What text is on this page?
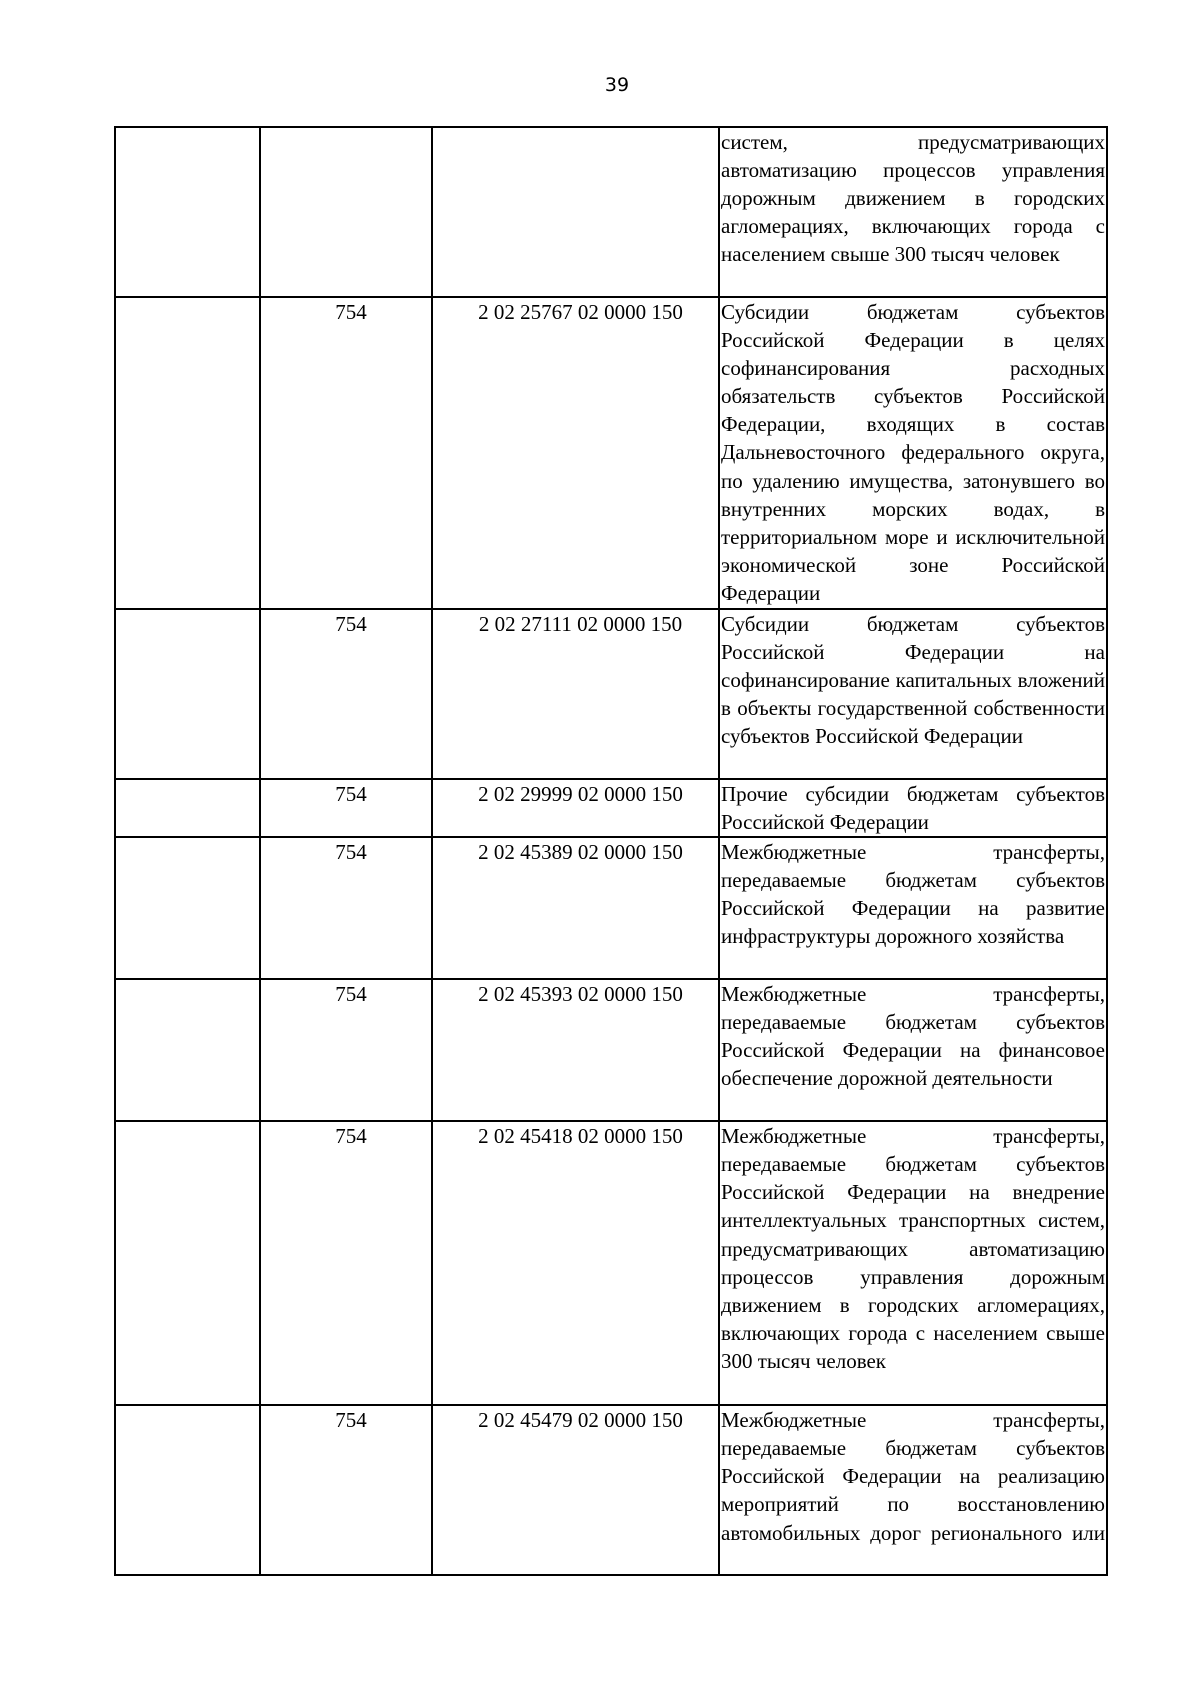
39
			систем, предусматривающих автоматизацию процессов управления дорожным движением в городских агломерациях, включающих города с населением свыше 300 тысяч человек
	754	2 02 25767 02 0000 150	Субсидии бюджетам субъектов Российской Федерации в целях софинансирования расходных обязательств субъектов Российской Федерации, входящих в состав Дальневосточного федерального округа, по удалению имущества, затонувшего во внутренних морских водах, в территориальном море и исключительной экономической зоне Российской Федерации
	754	2 02 27111 02 0000 150	Субсидии бюджетам субъектов Российской Федерации на софинансирование капитальных вложений в объекты государственной собственности субъектов Российской Федерации
	754	2 02 29999 02 0000 150	Прочие субсидии бюджетам субъектов Российской Федерации
	754	2 02 45389 02 0000 150	Межбюджетные трансферты, передаваемые бюджетам субъектов Российской Федерации на развитие инфраструктуры дорожного хозяйства
	754	2 02 45393 02 0000 150	Межбюджетные трансферты, передаваемые бюджетам субъектов Российской Федерации на финансовое обеспечение дорожной деятельности
	754	2 02 45418 02 0000 150	Межбюджетные трансферты, передаваемые бюджетам субъектов Российской Федерации на внедрение интеллектуальных транспортных систем, предусматривающих автоматизацию процессов управления дорожным движением в городских агломерациях, включающих города с населением свыше 300 тысяч человек
	754	2 02 45479 02 0000 150	Межбюджетные трансферты, передаваемые бюджетам субъектов Российской Федерации на реализацию мероприятий по восстановлению автомобильных дорог регионального или
